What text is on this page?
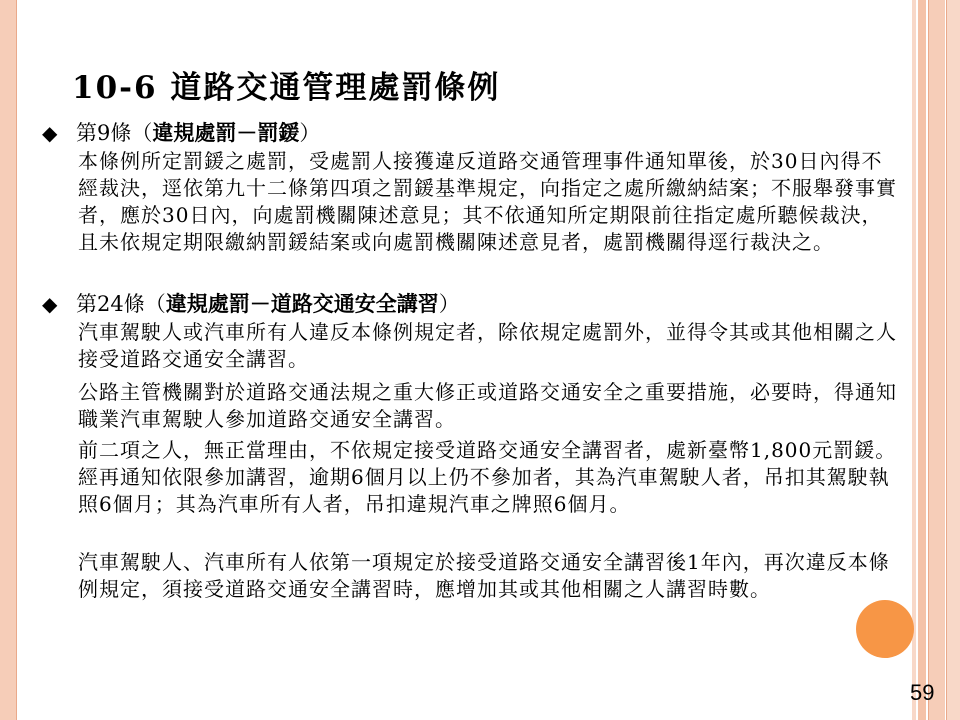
10-6 道路交通管理處罰條例
◆ 第9條（違規處罰－罰鍰）
本條例所定罰鍰之處罰，受處罰人接獲違反道路交通管理事件通知單後，於30日內得不經裁決，逕依第九十二條第四項之罰鍰基準規定，向指定之處所繳納結案；不服舉發事實者，應於30日內，向處罰機關陳述意見；其不依通知所定期限前往指定處所聽候裁決，且未依規定期限繳納罰鍰結案或向處罰機關陳述意見者，處罰機關得逕行裁決之。
◆ 第24條（違規處罰－道路交通安全講習）
汽車駕駛人或汽車所有人違反本條例規定者，除依規定處罰外，並得令其或其他相關之人接受道路交通安全講習。
公路主管機關對於道路交通法規之重大修正或道路交通安全之重要措施，必要時，得通知職業汽車駕駛人參加道路交通安全講習。
前二項之人，無正當理由，不依規定接受道路交通安全講習者，處新臺幣1,800元罰鍰。經再通知依限參加講習，逾期6個月以上仍不參加者，其為汽車駕駛人者，吊扣其駕駛執照6個月；其為汽車所有人者，吊扣違規汽車之牌照6個月。
汽車駕駛人、汽車所有人依第一項規定於接受道路交通安全講習後1年內，再次違反本條例規定，須接受道路交通安全講習時，應增加其或其他相關之人講習時數。
59
